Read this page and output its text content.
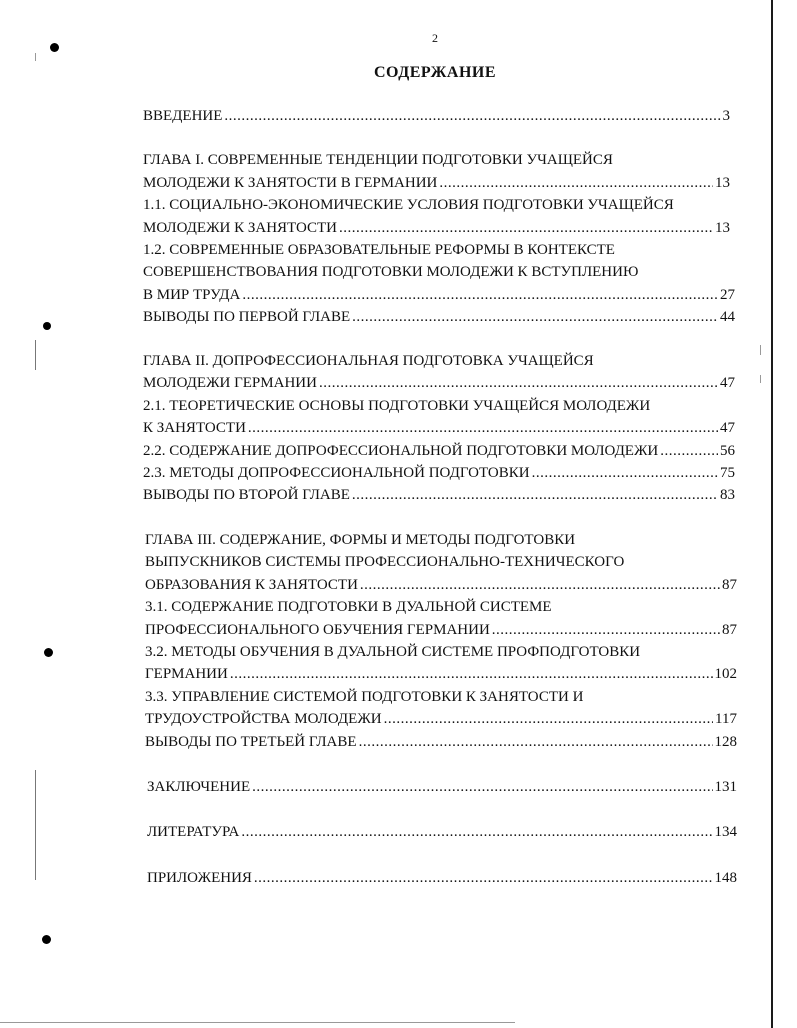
2
СОДЕРЖАНИЕ
ВВЕДЕНИЕ .....	3
ГЛАВА I. СОВРЕМЕННЫЕ ТЕНДЕНЦИИ ПОДГОТОВКИ УЧАЩЕЙСЯ
МОЛОДЕЖИ К ЗАНЯТОСТИ В ГЕРМАНИИ .....	13
1.1. СОЦИАЛЬНО-ЭКОНОМИЧЕСКИЕ УСЛОВИЯ ПОДГОТОВКИ УЧАЩЕЙСЯ
МОЛОДЕЖИ К ЗАНЯТОСТИ .....	13
1.2. СОВРЕМЕННЫЕ ОБРАЗОВАТЕЛЬНЫЕ РЕФОРМЫ В КОНТЕКСТЕ
СОВЕРШЕНСТВОВАНИЯ ПОДГОТОВКИ МОЛОДЕЖИ К ВСТУПЛЕНИЮ
В МИР ТРУДА .....	27
ВЫВОДЫ ПО ПЕРВОЙ ГЛАВЕ .....	44
ГЛАВА II. ДОПРОФЕССИОНАЛЬНАЯ ПОДГОТОВКА УЧАЩЕЙСЯ
МОЛОДЕЖИ ГЕРМАНИИ .....	47
2.1. ТЕОРЕТИЧЕСКИЕ ОСНОВЫ ПОДГОТОВКИ УЧАЩЕЙСЯ МОЛОДЕЖИ
К ЗАНЯТОСТИ .....	47
2.2. СОДЕРЖАНИЕ ДОПРОФЕССИОНАЛЬНОЙ ПОДГОТОВКИ МОЛОДЕЖИ .....	56
2.3. МЕТОДЫ ДОПРОФЕССИОНАЛЬНОЙ ПОДГОТОВКИ .....	75
ВЫВОДЫ ПО ВТОРОЙ ГЛАВЕ .....	83
ГЛАВА III. СОДЕРЖАНИЕ, ФОРМЫ И МЕТОДЫ ПОДГОТОВКИ
ВЫПУСКНИКОВ СИСТЕМЫ ПРОФЕССИОНАЛЬНО-ТЕХНИЧЕСКОГО
ОБРАЗОВАНИЯ К ЗАНЯТОСТИ .....	87
3.1. СОДЕРЖАНИЕ ПОДГОТОВКИ В ДУАЛЬНОЙ СИСТЕМЕ
ПРОФЕССИОНАЛЬНОГО ОБУЧЕНИЯ ГЕРМАНИИ .....	87
3.2. МЕТОДЫ ОБУЧЕНИЯ В ДУАЛЬНОЙ СИСТЕМЕ ПРОФПОДГОТОВКИ
ГЕРМАНИИ .....	102
3.3. УПРАВЛЕНИЕ СИСТЕМОЙ ПОДГОТОВКИ К ЗАНЯТОСТИ И
ТРУДОУСТРОЙСТВА МОЛОДЕЖИ .....	117
ВЫВОДЫ ПО ТРЕТЬЕЙ ГЛАВЕ .....	128
ЗАКЛЮЧЕНИЕ .....	131
ЛИТЕРАТУРА .....	134
ПРИЛОЖЕНИЯ .....	148
